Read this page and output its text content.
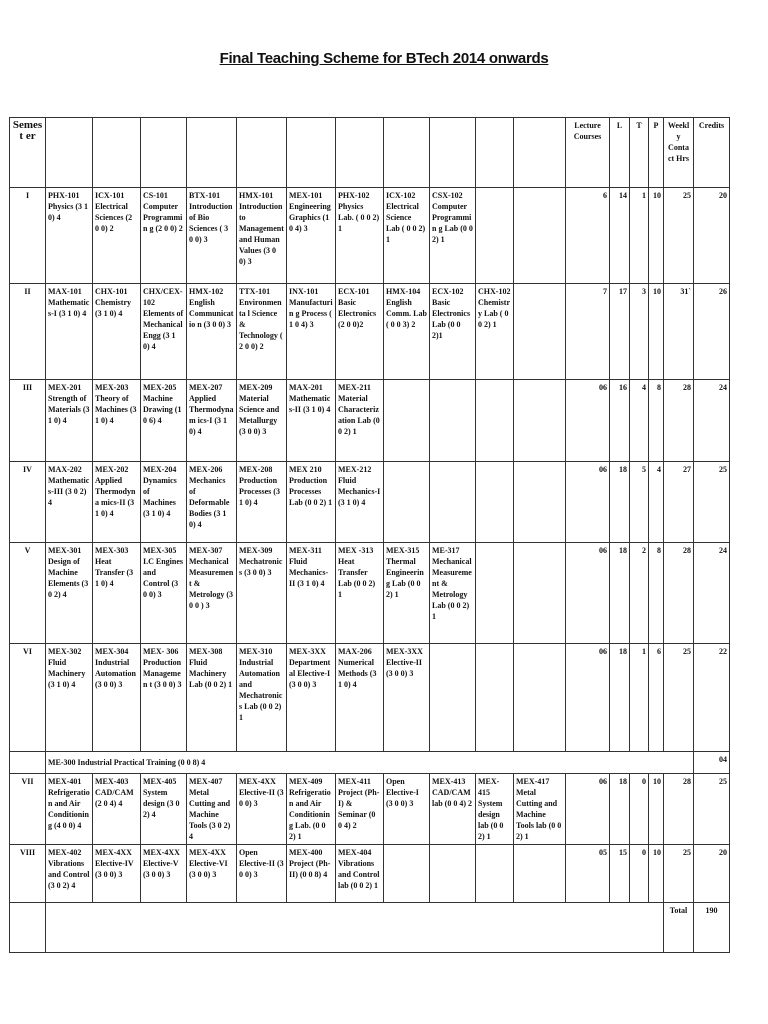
Final Teaching Scheme for BTech 2014 onwards
Semest er												Lecture Courses	L	T	P	Weekl y Conta ct Hrs	Credits
I	PHX-101 Physics (3 1 0) 4	ICX-101 Electrical Sciences (2 0 0) 2	CS-101 Computer Programmin g (2 0 0) 2	BTX-101 Introduction of Bio Sciences ( 3 0 0) 3	HMX-101 Introduction to Management and Human Values (3 0 0) 3	MEX-101 Engineering Graphics (1 0 4) 3	PHX-102 Physics Lab. ( 0 0 2) 1	ICX-102 Electrical Science Lab ( 0 0 2) 1	CSX-102 Computer Programmin g Lab (0 0 2) 1			6	14	1	10	25	20
II	MAX-101 Mathematic s-I (3 1 0) 4	CHX-101 Chemistry (3 1 0) 4	CHX/CEX-102 Elements of Mechanical Engg (3 1 0) 4	HMX-102 English Communicatio n (3 0 0) 3	TTX-101 Environmenta l Science & Technology ( 2 0 0) 2	INX-101 Manufacturin g Process ( 1 0 4) 3	ECX-101 Basic Electronics (2 0 0)2	HMX-104 English Comm. Lab ( 0 0 3) 2	ECX-102 Basic Electronics Lab (0 0 2)1	CHX-102 Chemistry Lab ( 0 0 2) 1		7	17	3	10	31`	26
III	MEX-201 Strength of Materials (3 1 0) 4	MEX-203 Theory of Machines (3 1 0) 4	MEX-205 Machine Drawing (1 0 6) 4	MEX-207 Applied Thermodynam ics-I (3 1 0) 4	MEX-209 Material Science and Metallurgy (3 0 0) 3	MAX-201 Mathematics-II (3 1 0) 4	MEX-211 Material Characteriz ation Lab (0 0 2) 1					06	16	4	8	28	24
IV	MAX-202 Mathematic s-III (3 0 2) 4	MEX-202 Applied Thermodyna mics-II (3 1 0) 4	MEX-204 Dynamics of Machines (3 1 0) 4	MEX-206 Mechanics of Deformable Bodies (3 1 0) 4	MEX-208 Production Processes (3 1 0) 4	MEX 210 Production Processes Lab (0 0 2) 1	MEX-212 Fluid Mechanics-I (3 1 0) 4					06	18	5	4	27	25
V	MEX-301 Design of Machine Elements (3 0 2) 4	MEX-303 Heat Transfer (3 1 0) 4	MEX-305 I.C Engines and Control (3 0 0) 3	MEX-307 Mechanical Measurement & Metrology (3 0 0 ) 3	MEX-309 Mechatronics (3 0 0) 3	MEX-311 Fluid Mechanics-II (3 1 0) 4	MEX -313 Heat Transfer Lab (0 0 2) 1	MEX-315 Thermal Engineering Lab (0 0 2) 1	ME-317 Mechanical Measureme nt & Metrology Lab (0 0 2) 1			06	18	2	8	28	24
VI	MEX-302 Fluid Machinery (3 1 0) 4	MEX-304 Industrial Automation (3 0 0) 3	MEX- 306 Production Managemen t (3 0 0) 3	MEX-308 Fluid Machinery Lab (0 0 2) 1	MEX-310 Industrial Automation and Mechatronics Lab (0 0 2) 1	MEX-3XX Departmental Elective-I (3 0 0) 3	MAX-206 Numerical Methods (3 1 0) 4	MEX-3XX Elective-II (3 0 0) 3				06	18	1	6	25	22
	ME-300 Industrial Practical Training (0 0 8) 4																04
VII	MEX-401 Refrigeratio n and Air Conditionin g (4 0 0) 4	MEX-403 CAD/CAM (2 0 4) 4	MEX-405 System design (3 0 2) 4	MEX-407 Metal Cutting and Machine Tools (3 0 2) 4	MEX-4XX Elective-II (3 0 0) 3	MEX-409 Refrigeration and Air Conditioning Lab. (0 0 2) 1	MEX-411 Project (Ph-I) & Seminar (0 0 4) 2	Open Elective-I (3 0 0) 3	MEX-413 CAD/CAM lab (0 0 4) 2	MEX-415 System design lab (0 0 2) 1	MEX-417 Metal Cutting and Machine Tools lab (0 0 2) 1	06	18	0	10	28	25
VIII	MEX-402 Vibrations and Control (3 0 2) 4	MEX-4XX Elective-IV (3 0 0) 3	MEX-4XX Elective-V (3 0 0) 3	MEX-4XX Elective-VI (3 0 0) 3	Open Elective-II (3 0 0) 3	MEX-400 Project (Ph-II) (0 0 8) 4	MEX-404 Vibrations and Control lab (0 0 2) 1					05	15	0	10	25	20
																Total	190
